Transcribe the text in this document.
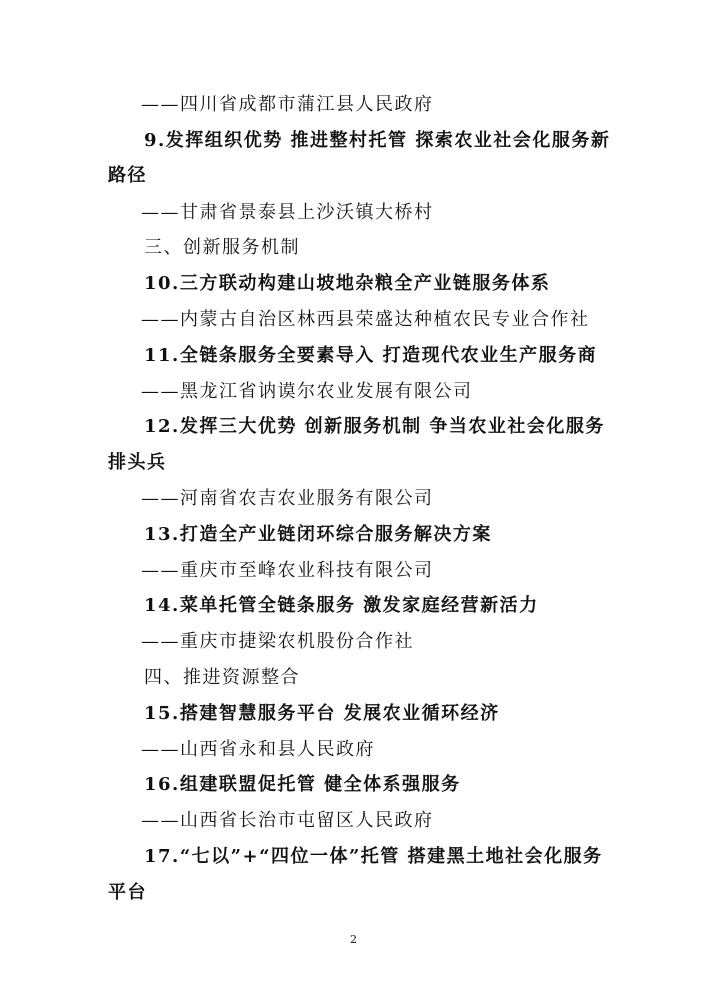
——四川省成都市蒲江县人民政府
9.发挥组织优势 推进整村托管 探索农业社会化服务新
路径
——甘肃省景泰县上沙沃镇大桥村
三、创新服务机制
10.三方联动构建山坡地杂粮全产业链服务体系
——内蒙古自治区林西县荣盛达种植农民专业合作社
11.全链条服务全要素导入 打造现代农业生产服务商
——黑龙江省讷谟尔农业发展有限公司
12.发挥三大优势 创新服务机制 争当农业社会化服务
排头兵
——河南省农吉农业服务有限公司
13.打造全产业链闭环综合服务解决方案
——重庆市至峰农业科技有限公司
14.菜单托管全链条服务 激发家庭经营新活力
——重庆市捷梁农机股份合作社
四、推进资源整合
15.搭建智慧服务平台 发展农业循环经济
——山西省永和县人民政府
16.组建联盟促托管 健全体系强服务
——山西省长治市屯留区人民政府
17.“七以”+“四位一体”托管 搭建黑土地社会化服务
平台
2
